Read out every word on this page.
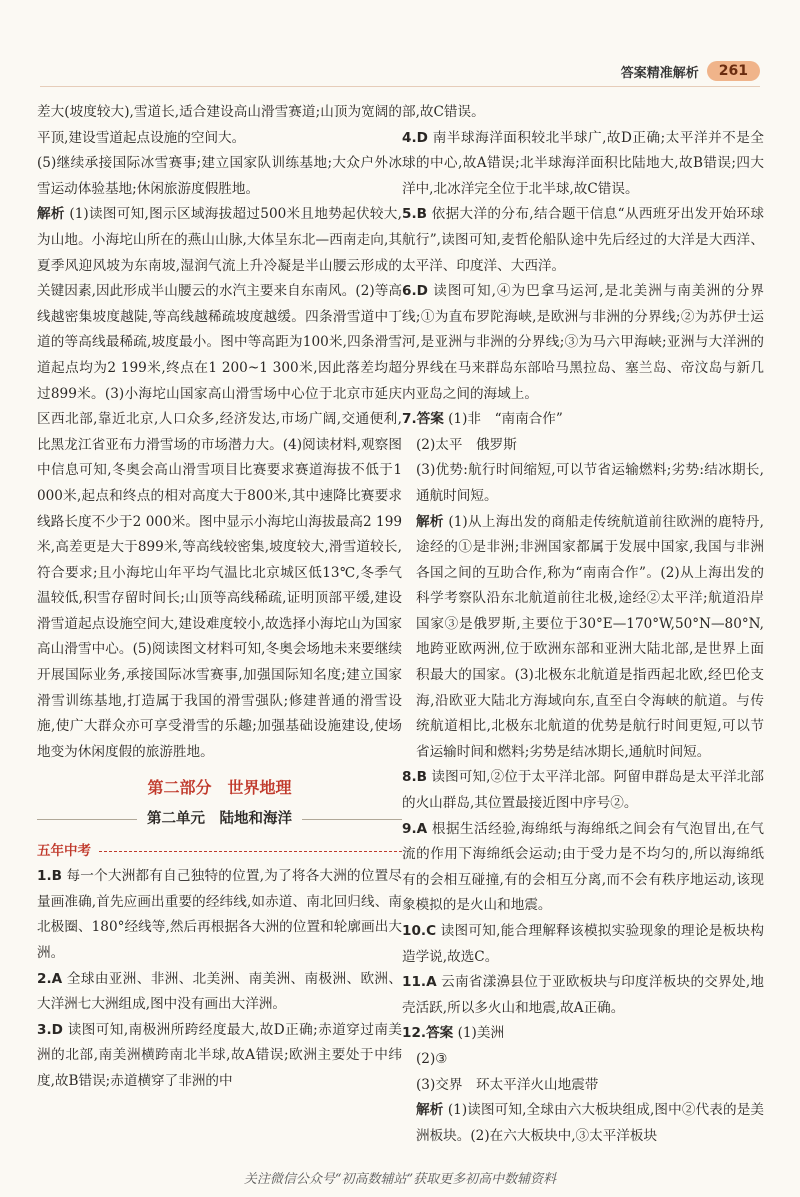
答案精准解析	261

差大(坡度较大),雪道长,适合建设高山滑雪赛道;山顶为宽阔的平顶,建设雪道起点设施的空间大。

(5)继续承接国际冰雪赛事;建立国家队训练基地;大众户外冰雪运动体验基地;休闲旅游度假胜地。

解析 (1)读图可知,图示区域海拔超过500米且地势起伏较大,为山地。小海坨山所在的燕山山脉,大体呈东北—西南走向,其夏季风迎风坡为东南坡,湿润气流上升冷凝是半山腰云形成的关键因素,因此形成半山腰云的水汽主要来自东南风。(2)等高线越密集坡度越陡,等高线越稀疏坡度越缓。四条滑雪道中丁道的等高线最稀疏,坡度最小。图中等高距为100米,四条滑雪道起点均为2 199米,终点在1 200~1 300米,因此落差均超过899米。(3)小海坨山国家高山滑雪场中心位于北京市延庆区西北部,靠近北京,人口众多,经济发达,市场广阔,交通便利,比黑龙江省亚布力滑雪场的市场潜力大。(4)阅读材料,观察图中信息可知,冬奥会高山滑雪项目比赛要求赛道海拔不低于1 000米,起点和终点的相对高度大于800米,其中速降比赛要求线路长度不少于2 000米。图中显示小海坨山海拔最高2 199米,高差更是大于899米,等高线较密集,坡度较大,滑雪道较长,符合要求;且小海坨山年平均气温比北京城区低13℃,冬季气温较低,积雪存留时间长;山顶等高线稀疏,证明顶部平缓,建设滑雪道起点设施空间大,建设难度较小,故选择小海坨山为国家高山滑雪中心。(5)阅读图文材料可知,冬奥会场地未来要继续开展国际业务,承接国际冰雪赛事,加强国际知名度;建立国家滑雪训练基地,打造属于我国的滑雪强队;修建普通的滑雪设施,使广大群众亦可享受滑雪的乐趣;加强基础设施建设,使场地变为休闲度假的旅游胜地。

第二部分　世界地理
第二单元　陆地和海洋
五年中考

1.B 每一个大洲都有自己独特的位置,为了将各大洲的位置尽量画准确,首先应画出重要的经纬线,如赤道、南北回归线、南北极圈、180°经线等,然后再根据各大洲的位置和轮廓画出大洲。

2.A 全球由亚洲、非洲、北美洲、南美洲、南极洲、欧洲、大洋洲七大洲组成,图中没有画出大洋洲。

3.D 读图可知,南极洲所跨经度最大,故D正确;赤道穿过南美洲的北部,南美洲横跨南北半球,故A错误;欧洲主要处于中纬度,故B错误;赤道横穿了非洲的中

部,故C错误。

4.D 南半球海洋面积较北半球广,故D正确;太平洋并不是全球的中心,故A错误;北半球海洋面积比陆地大,故B错误;四大洋中,北冰洋完全位于北半球,故C错误。

5.B 依据大洋的分布,结合题干信息“从西班牙出发开始环球航行”,读图可知,麦哲伦船队途中先后经过的大洋是大西洋、太平洋、印度洋、大西洋。

6.D 读图可知,④为巴拿马运河,是北美洲与南美洲的分界线;①为直布罗陀海峡,是欧洲与非洲的分界线;②为苏伊士运河,是亚洲与非洲的分界线;③为马六甲海峡;亚洲与大洋洲的分界线在马来群岛东部哈马黑拉岛、塞兰岛、帝汶岛与新几内亚岛之间的海域上。

7.答案 (1)非　“南南合作”

(2)太平　俄罗斯

(3)优势:航行时间缩短,可以节省运输燃料;劣势:结冰期长,通航时间短。

解析 (1)从上海出发的商船走传统航道前往欧洲的鹿特丹,途经的①是非洲;非洲国家都属于发展中国家,我国与非洲各国之间的互助合作,称为“南南合作”。(2)从上海出发的科学考察队沿东北航道前往北极,途经②太平洋;航道沿岸国家③是俄罗斯,主要位于30°E—170°W,50°N—80°N,地跨亚欧两洲,位于欧洲东部和亚洲大陆北部,是世界上面积最大的国家。(3)北极东北航道是指西起北欧,经巴伦支海,沿欧亚大陆北方海域向东,直至白令海峡的航道。与传统航道相比,北极东北航道的优势是航行时间更短,可以节省运输时间和燃料;劣势是结冰期长,通航时间短。

8.B 读图可知,②位于太平洋北部。阿留申群岛是太平洋北部的火山群岛,其位置最接近图中序号②。

9.A 根据生活经验,海绵纸与海绵纸之间会有气泡冒出,在气流的作用下海绵纸会运动;由于受力是不均匀的,所以海绵纸有的会相互碰撞,有的会相互分离,而不会有秩序地运动,该现象模拟的是火山和地震。

10.C 读图可知,能合理解释该模拟实验现象的理论是板块构造学说,故选C。

11.A 云南省漾濞县位于亚欧板块与印度洋板块的交界处,地壳活跃,所以多火山和地震,故A正确。

12.答案 (1)美洲

(2)③

(3)交界　环太平洋火山地震带

解析 (1)读图可知,全球由六大板块组成,图中②代表的是美洲板块。(2)在六大板块中,③太平洋板块

关注微信公众号“初高数辅站”获取更多初高中数辅资料
